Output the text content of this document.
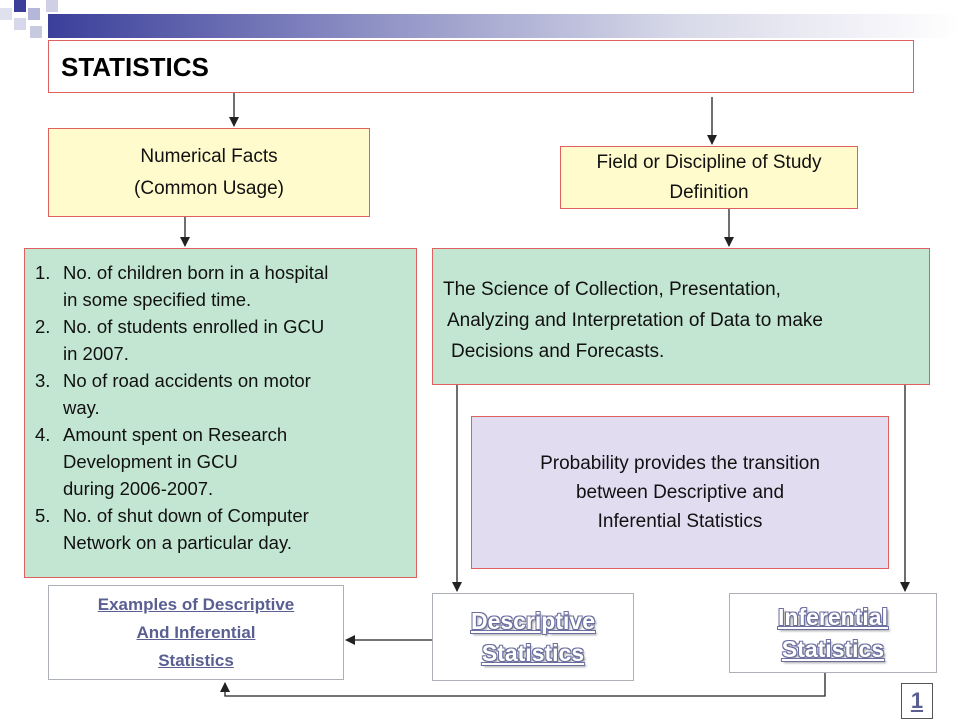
STATISTICS
Numerical Facts
(Common Usage)
Field or Discipline of Study
Definition
1. No. of children born in a hospital
in some specified time.
2. No. of students enrolled in GCU
in 2007.
3. No of road accidents on motor
way.
4. Amount spent on Research
Development in GCU
during 2006-2007.
5. No. of shut down of Computer
Network on a particular day.
The Science of Collection, Presentation,
Analyzing and Interpretation of Data to make
Decisions and Forecasts.
Probability provides the transition
between Descriptive and
Inferential Statistics
Examples of Descriptive
And Inferential
Statistics
Descriptive
Statistics
Inferential
Statistics
1
